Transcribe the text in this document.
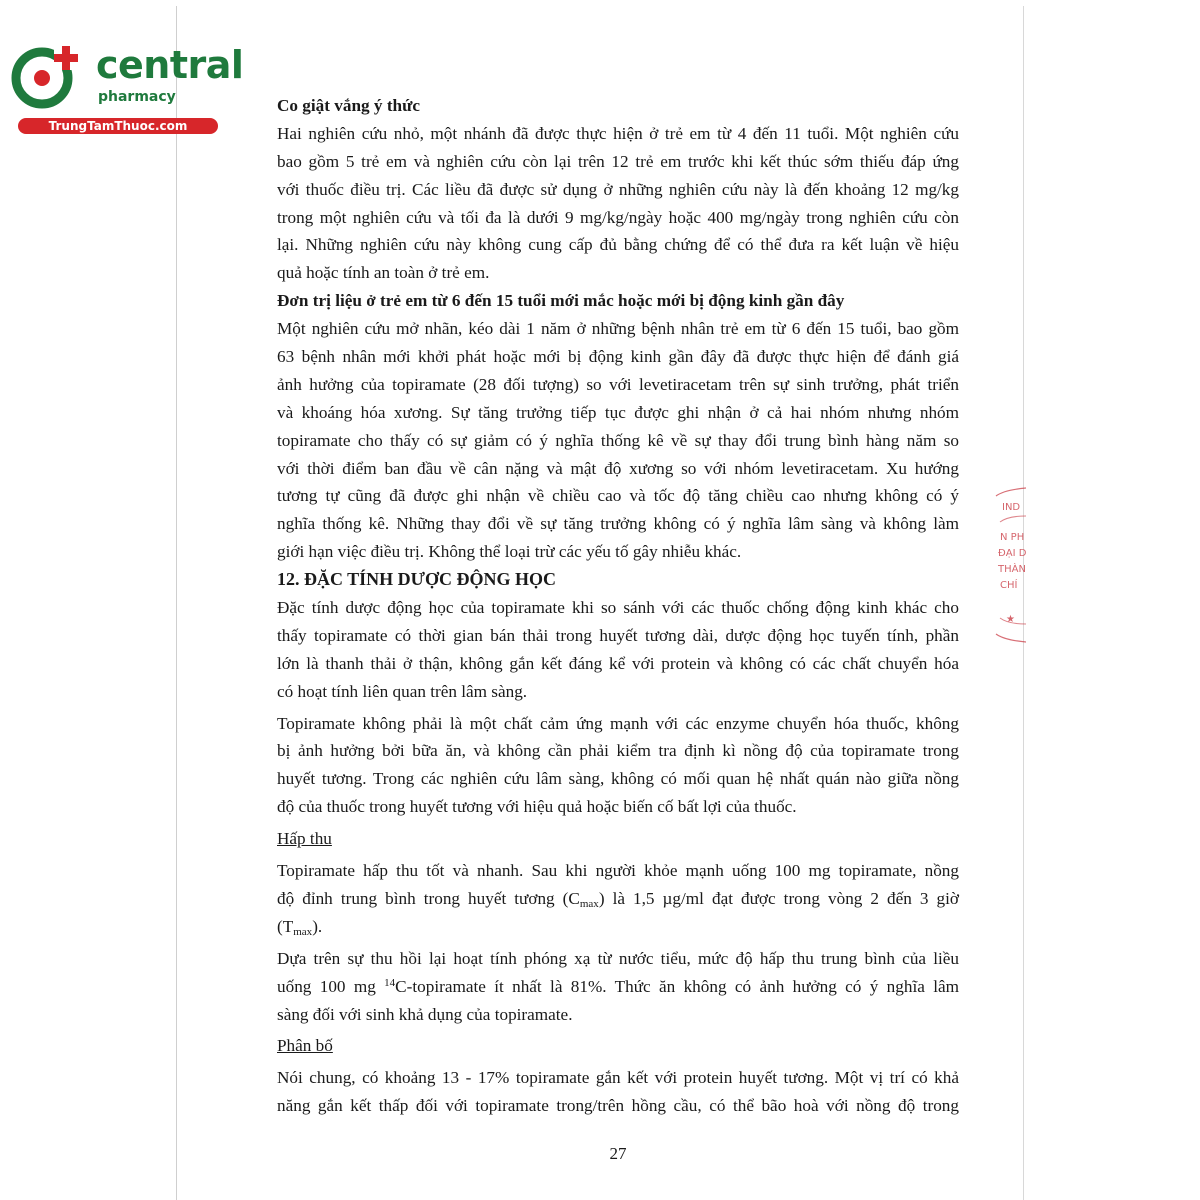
central
pharmacy
TrungTamThuoc.com
IND
N PH
ĐẠI D
THÀN
CHÍ
★
Co giật vắng ý thức
Hai nghiên cứu nhỏ, một nhánh đã được thực hiện ở trẻ em từ 4 đến 11 tuổi. Một nghiên cứu
bao gồm 5 trẻ em và nghiên cứu còn lại trên 12 trẻ em trước khi kết thúc sớm thiếu đáp ứng
với thuốc điều trị. Các liều đã được sử dụng ở những nghiên cứu này là đến khoảng 12 mg/kg
trong một nghiên cứu và tối đa là dưới 9 mg/kg/ngày hoặc 400 mg/ngày trong nghiên cứu còn
lại. Những nghiên cứu này không cung cấp đủ bằng chứng để có thể đưa ra kết luận về hiệu
quả hoặc tính an toàn ở trẻ em.
Đơn trị liệu ở trẻ em từ 6 đến 15 tuổi mới mắc hoặc mới bị động kinh gần đây
Một nghiên cứu mở nhãn, kéo dài 1 năm ở những bệnh nhân trẻ em từ 6 đến 15 tuổi, bao gồm
63 bệnh nhân mới khởi phát hoặc mới bị động kinh gần đây đã được thực hiện để đánh giá
ảnh hưởng của topiramate (28 đối tượng) so với levetiracetam trên sự sinh trưởng, phát triển
và khoáng hóa xương. Sự tăng trưởng tiếp tục được ghi nhận ở cả hai nhóm nhưng nhóm
topiramate cho thấy có sự giảm có ý nghĩa thống kê về sự thay đổi trung bình hàng năm so
với thời điểm ban đầu về cân nặng và mật độ xương so với nhóm levetiracetam. Xu hướng
tương tự cũng đã được ghi nhận về chiều cao và tốc độ tăng chiều cao nhưng không có ý
nghĩa thống kê. Những thay đổi về sự tăng trưởng không có ý nghĩa lâm sàng và không làm
giới hạn việc điều trị. Không thể loại trừ các yếu tố gây nhiễu khác.
12. ĐẶC TÍNH DƯỢC ĐỘNG HỌC
Đặc tính dược động học của topiramate khi so sánh với các thuốc chống động kinh khác cho
thấy topiramate có thời gian bán thải trong huyết tương dài, dược động học tuyến tính, phần
lớn là thanh thải ở thận, không gắn kết đáng kể với protein và không có các chất chuyển hóa
có hoạt tính liên quan trên lâm sàng.
Topiramate không phải là một chất cảm ứng mạnh với các enzyme chuyển hóa thuốc, không
bị ảnh hưởng bởi bữa ăn, và không cần phải kiểm tra định kì nồng độ của topiramate trong
huyết tương. Trong các nghiên cứu lâm sàng, không có mối quan hệ nhất quán nào giữa nồng
độ của thuốc trong huyết tương với hiệu quả hoặc biến cố bất lợi của thuốc.
Hấp thu
Topiramate hấp thu tốt và nhanh. Sau khi người khỏe mạnh uống 100 mg topiramate, nồng
độ đỉnh trung bình trong huyết tương $(C_{max})$ là 1,5 µg/ml đạt được trong vòng 2 đến 3 giờ
$(T_{max})$.
Dựa trên sự thu hồi lại hoạt tính phóng xạ từ nước tiểu, mức độ hấp thu trung bình của liều
uống 100 mg $^{14}$C-topiramate ít nhất là 81%. Thức ăn không có ảnh hưởng có ý nghĩa lâm
sàng đối với sinh khả dụng của topiramate.
Phân bố
Nói chung, có khoảng 13 - 17% topiramate gắn kết với protein huyết tương. Một vị trí có khả
năng gắn kết thấp đối với topiramate trong/trên hồng cầu, có thể bão hoà với nồng độ trong
27
